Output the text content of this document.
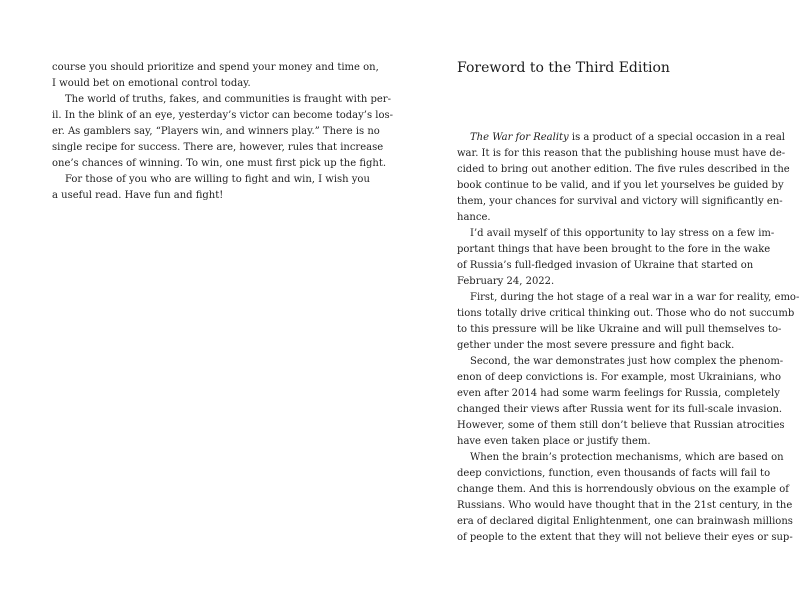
course you should prioritize and spend your money and time on,
I would bet on emotional control today.
The world of truths, fakes, and communities is fraught with per-
il. In the blink of an eye, yesterday’s victor can become today’s los-
er. As gamblers say, “Players win, and winners play.” There is no
single recipe for success. There are, however, rules that increase
one’s chances of winning. To win, one must first pick up the fight.
For those of you who are willing to fight and win, I wish you
a useful read. Have fun and fight!
Foreword to the Third Edition
The War for Reality is a product of a special occasion in a real
war. It is for this reason that the publishing house must have de-
cided to bring out another edition. The five rules described in the
book continue to be valid, and if you let yourselves be guided by
them, your chances for survival and victory will significantly en-
hance.
I’d avail myself of this opportunity to lay stress on a few im-
portant things that have been brought to the fore in the wake
of Russia’s full-fledged invasion of Ukraine that started on
February 24, 2022.
First, during the hot stage of a real war in a war for reality, emo-
tions totally drive critical thinking out. Those who do not succumb
to this pressure will be like Ukraine and will pull themselves to-
gether under the most severe pressure and fight back.
Second, the war demonstrates just how complex the phenom-
enon of deep convictions is. For example, most Ukrainians, who
even after 2014 had some warm feelings for Russia, completely
changed their views after Russia went for its full-scale invasion.
However, some of them still don’t believe that Russian atrocities
have even taken place or justify them.
When the brain’s protection mechanisms, which are based on
deep convictions, function, even thousands of facts will fail to
change them. And this is horrendously obvious on the example of
Russians. Who would have thought that in the 21st century, in the
era of declared digital Enlightenment, one can brainwash millions
of people to the extent that they will not believe their eyes or sup-
